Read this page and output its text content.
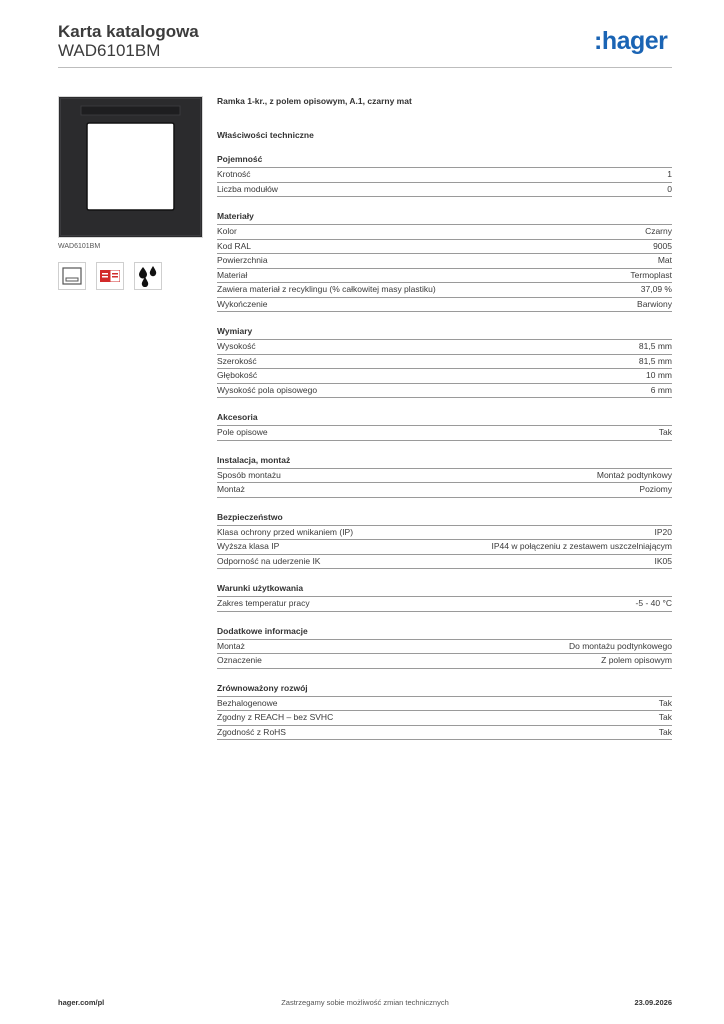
Karta katalogowa
WAD6101BM	:hager
WAD6101BM
Ramka 1-kr., z polem opisowym, A.1, czarny mat
Właściwości techniczne
Pojemność
Krotność	1
Liczba modułów	0
Materiały
Kolor	Czarny
Kod RAL	9005
Powierzchnia	Mat
Materiał	Termoplast
Zawiera materiał z recyklingu (% całkowitej masy plastiku)	37,09 %
Wykończenie	Barwiony
Wymiary
Wysokość	81,5 mm
Szerokość	81,5 mm
Głębokość	10 mm
Wysokość pola opisowego	6 mm
Akcesoria
Pole opisowe	Tak
Instalacja, montaż
Sposób montażu	Montaż podtynkowy
Montaż	Poziomy
Bezpieczeństwo
Klasa ochrony przed wnikaniem (IP)	IP20
Wyższa klasa IP	IP44 w połączeniu z zestawem uszczelniającym
Odporność na uderzenie IK	IK05
Warunki użytkowania
Zakres temperatur pracy	-5 - 40 °C
Dodatkowe informacje
Montaż	Do montażu podtynkowego
Oznaczenie	Z polem opisowym
Zrównoważony rozwój
Bezhalogenowe	Tak
Zgodny z REACH – bez SVHC	Tak
Zgodność z RoHS	Tak
hager.com/pl	Zastrzegamy sobie możliwość zmian technicznych	23.09.2026
